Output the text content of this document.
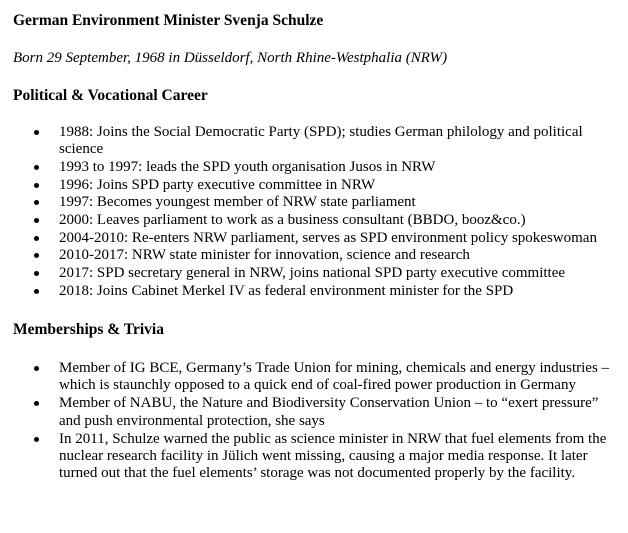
German Environment Minister Svenja Schulze
Born 29 September, 1968 in Düsseldorf, North Rhine-Westphalia (NRW)
Political & Vocational Career
1988: Joins the Social Democratic Party (SPD); studies German philology and political science
1993 to 1997: leads the SPD youth organisation Jusos in NRW
1996: Joins SPD party executive committee in NRW
1997: Becomes youngest member of NRW state parliament
2000: Leaves parliament to work as a business consultant (BBDO, booz&co.)
2004-2010: Re-enters NRW parliament, serves as SPD environment policy spokeswoman
2010-2017: NRW state minister for innovation, science and research
2017: SPD secretary general in NRW, joins national SPD party executive committee
2018: Joins Cabinet Merkel IV as federal environment minister for the SPD
Memberships & Trivia
Member of IG BCE, Germany’s Trade Union for mining, chemicals and energy industries – which is staunchly opposed to a quick end of coal-fired power production in Germany
Member of NABU, the Nature and Biodiversity Conservation Union – to “exert pressure” and push environmental protection, she says
In 2011, Schulze warned the public as science minister in NRW that fuel elements from the nuclear research facility in Jülich went missing, causing a major media response. It later turned out that the fuel elements’ storage was not documented properly by the facility.
